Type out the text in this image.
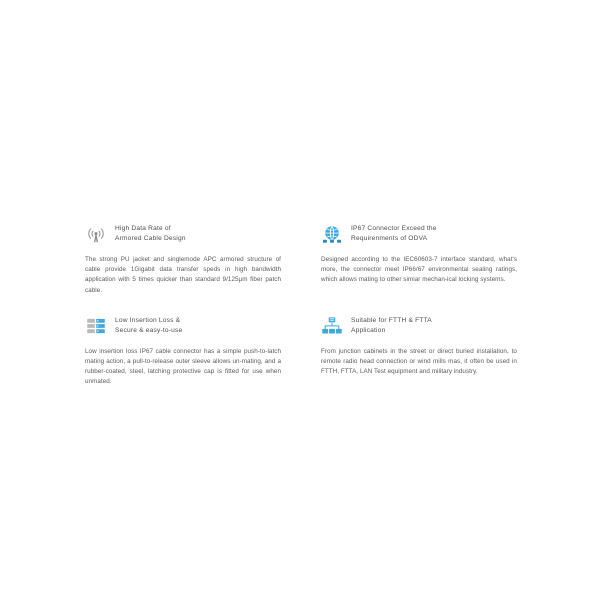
High Data Rate of
Armored Cable Design
The strong PU jacket and singlemode APC armored structure of cable provide 1Gigabit data transfer speds in high bandwidth application with 5 times quicker than standard 9/125µm fiber patch cable.
IP67 Connector Exceed the
Requirenments of ODVA
Designed according to the IEC60603-7 interface standard, what's more, the connector meet IP66/67 environmental sealing ratings, which allows mating to other simiar mechan-ical locking systems.
Low Insertion Loss &
Secure & easy-to-use
Low insertion loss IP67 cable connector has a simple push-to-latch mating action, a pull-to-release outer sleeve allows un-mating, and a rubber-coated, steel, latching protective cap is fitted for use when unmated.
Suitable for FTTH & FTTA
Application
From junction cabinets in the street or direct buried installation, to remote radio head connection or wind mills mas, it often be used in FTTH, FTTA, LAN Test equipment and military industry.
